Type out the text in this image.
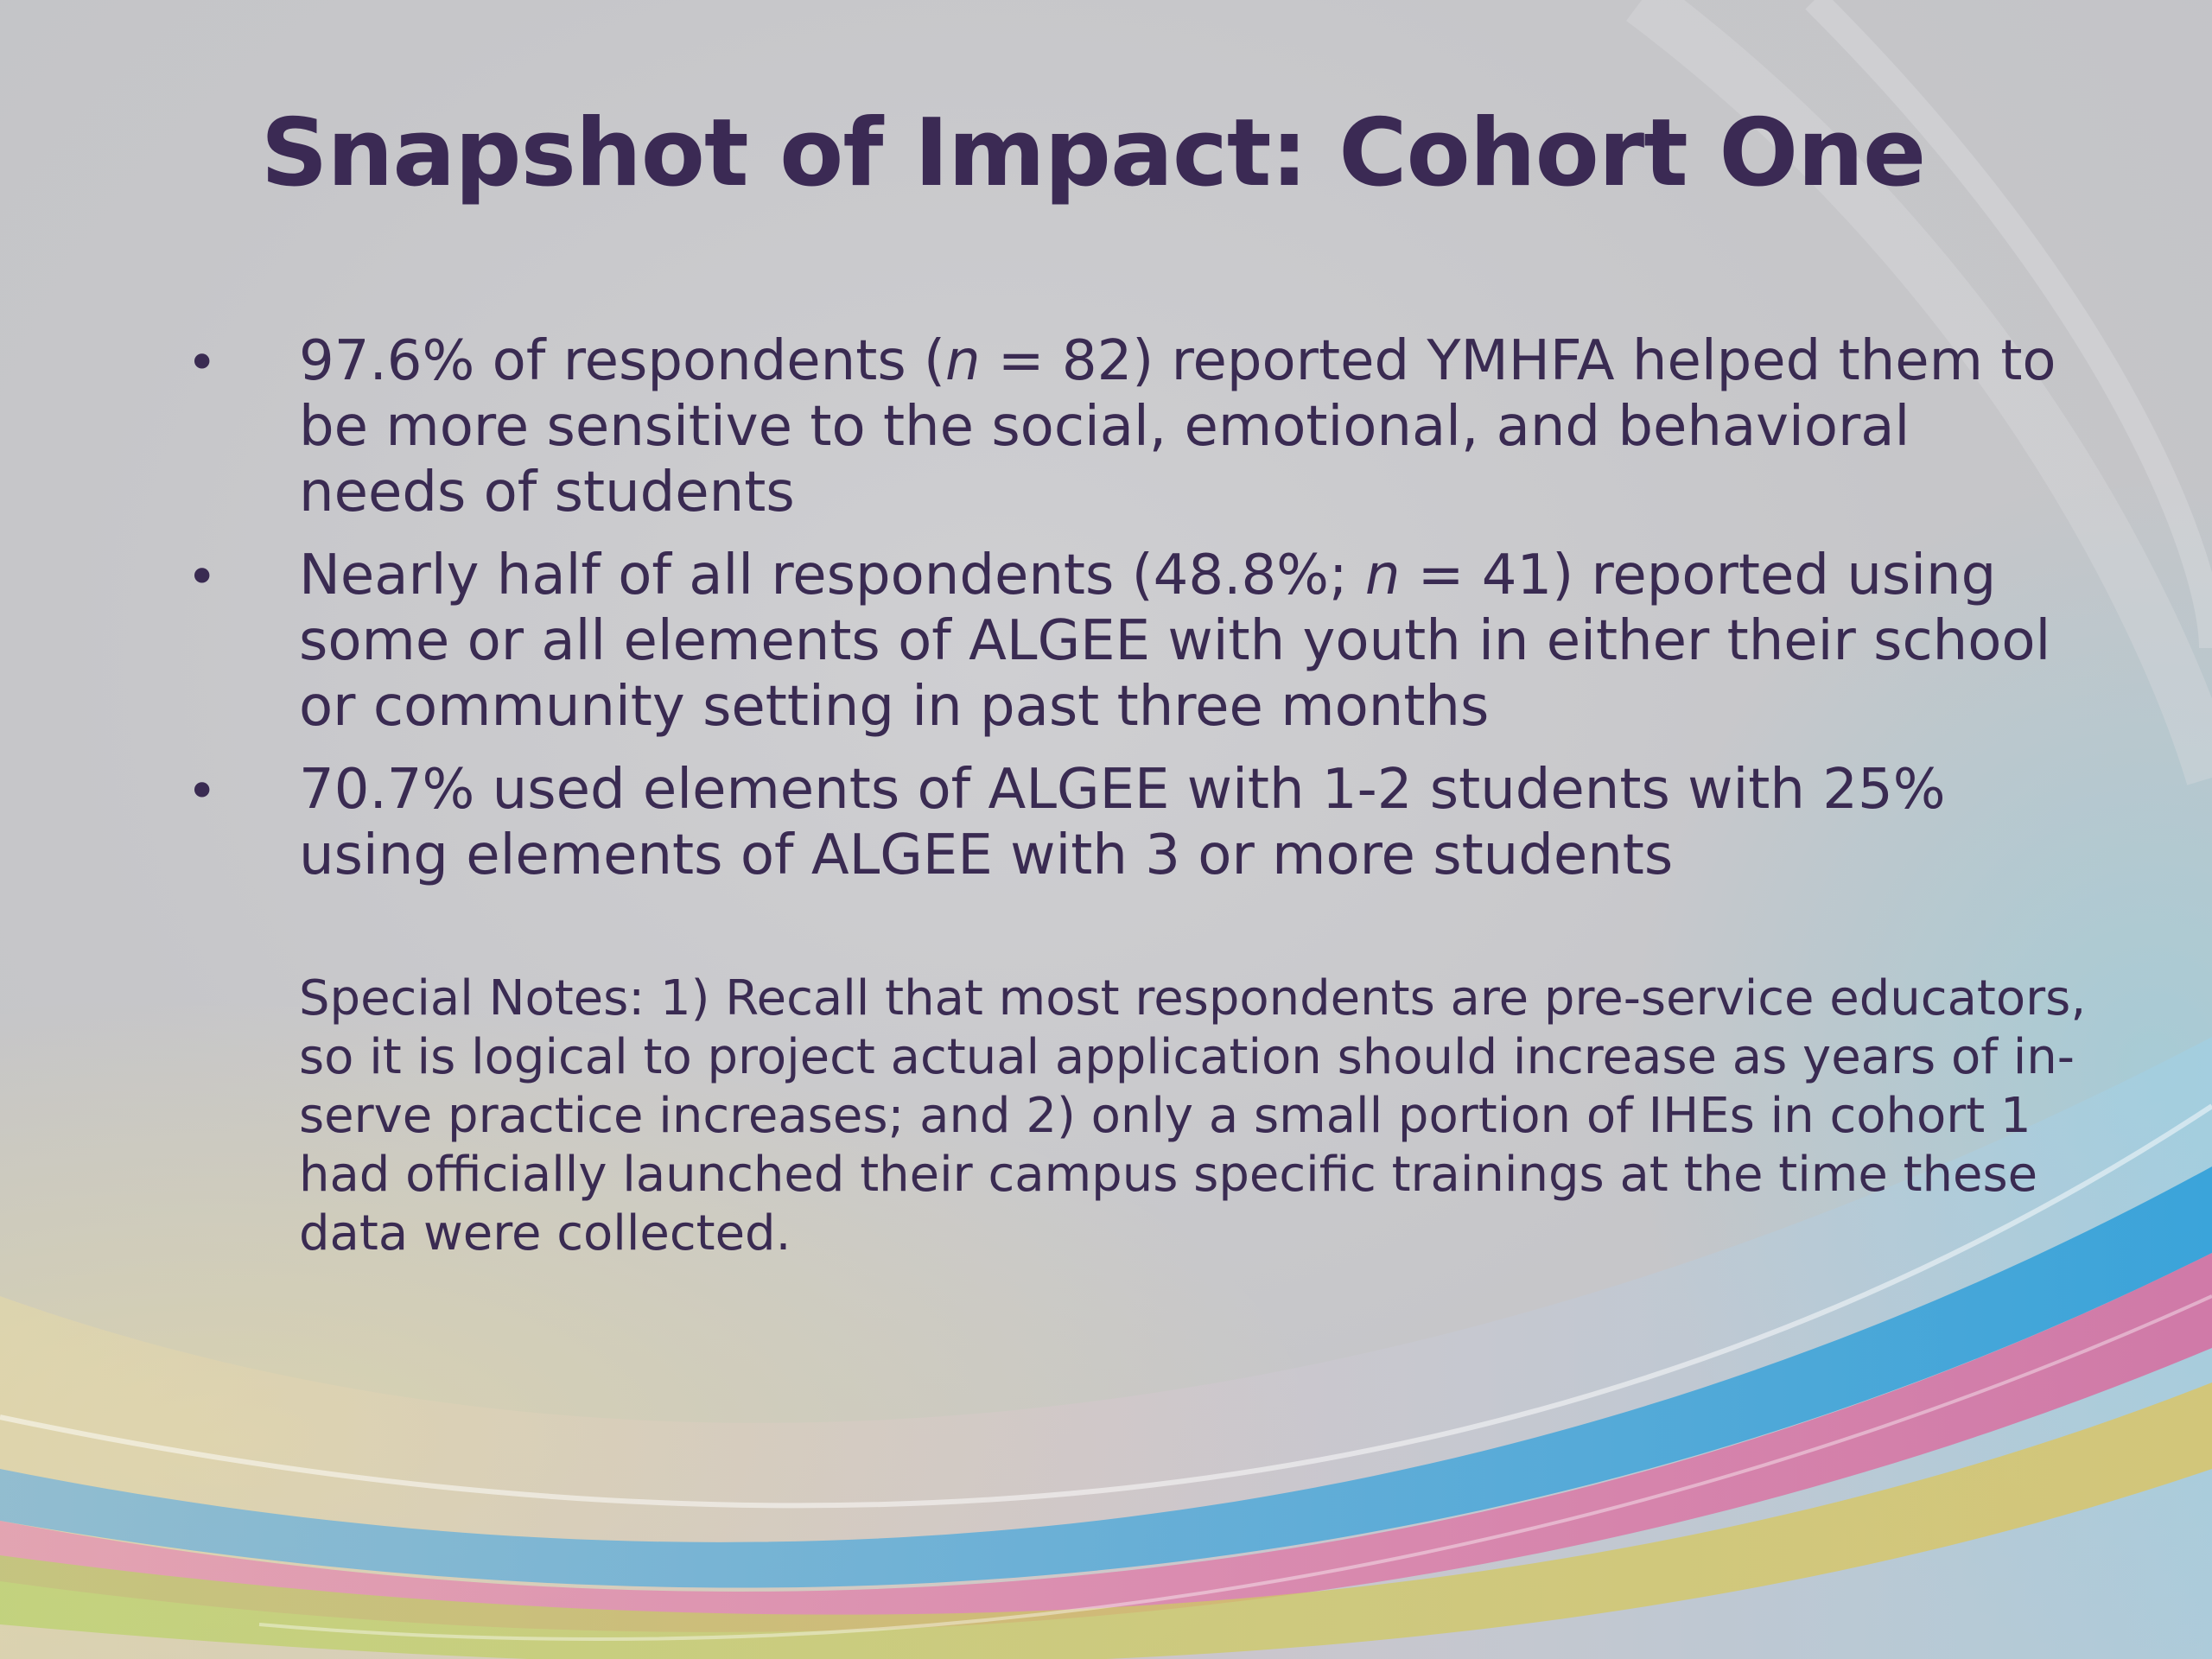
Snapshot of Impact: Cohort One
• 97.6% of respondents (n = 82) reported YMHFA helped them to be more sensitive to the social, emotional, and behavioral needs of students
• Nearly half of all respondents (48.8%; n = 41) reported using some or all elements of ALGEE with youth in either their school or community setting in past three months
• 70.7% used elements of ALGEE with 1-2 students with 25% using elements of ALGEE with 3 or more students

Special Notes: 1) Recall that most respondents are pre-service educators, so it is logical to project actual application should increase as years of in-serve practice increases; and 2) only a small portion of IHEs in cohort 1 had officially launched their campus specific trainings at the time these data were collected.
